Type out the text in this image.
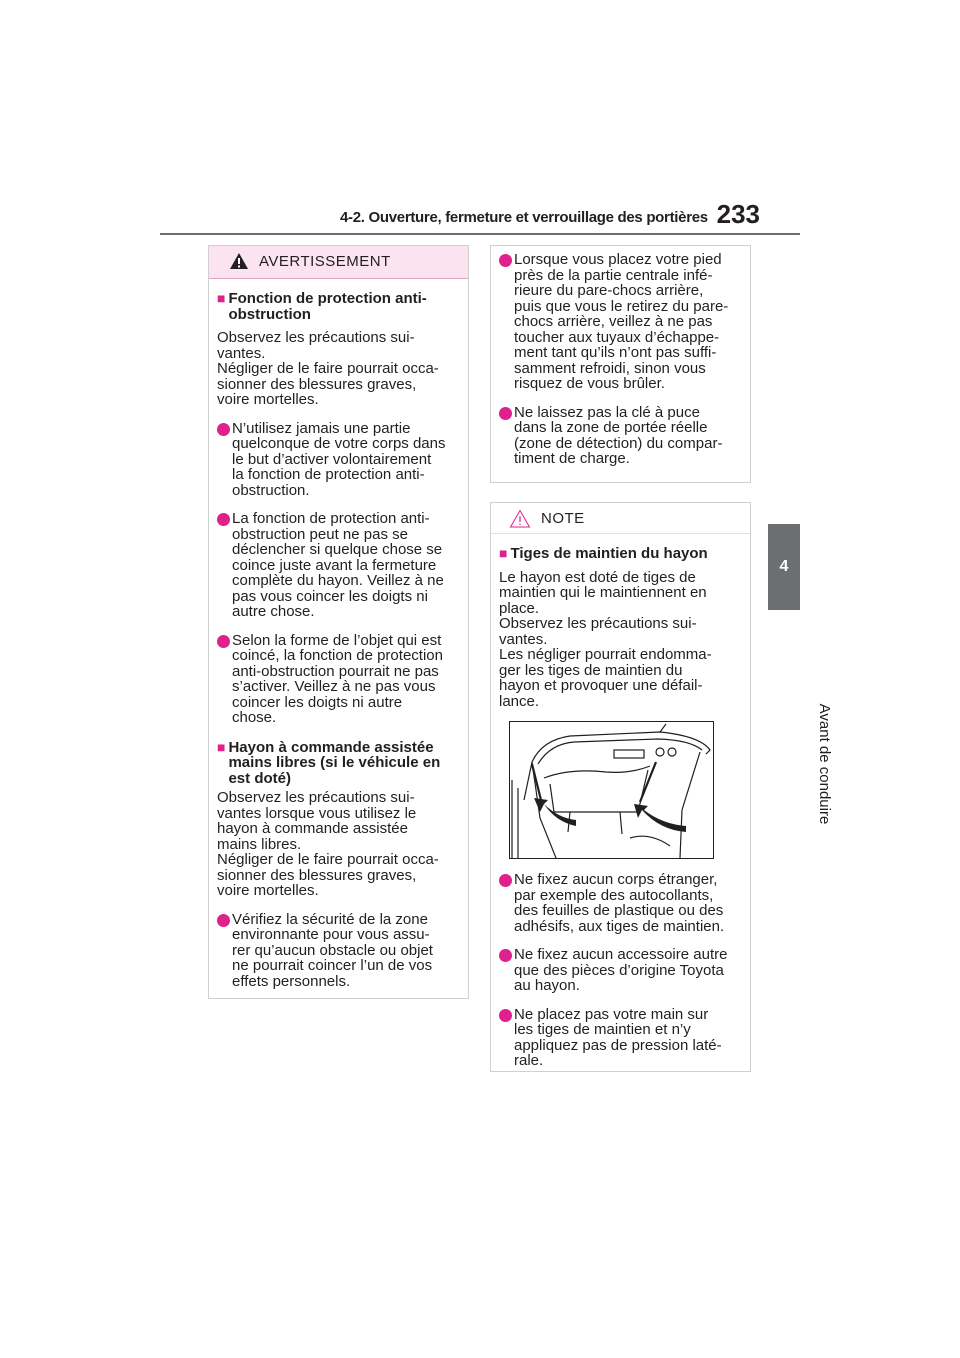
4-2. Ouverture, fermeture et verrouillage des portières 233
4
Avant de conduire
AVERTISSEMENT
■ Fonction de protection anti-
obstruction
Observez les précautions sui-
vantes.
Négliger de le faire pourrait occa-
sionner des blessures graves,
voire mortelles.
N’utilisez jamais une partie
quelconque de votre corps dans
le but d’activer volontairement
la fonction de protection anti-
obstruction.
La fonction de protection anti-
obstruction peut ne pas se
déclencher si quelque chose se
coince juste avant la fermeture
complète du hayon. Veillez à ne
pas vous coincer les doigts ni
autre chose.
Selon la forme de l’objet qui est
coincé, la fonction de protection
anti-obstruction pourrait ne pas
s’activer. Veillez à ne pas vous
coincer les doigts ni autre
chose.
■ Hayon à commande assistée
mains libres (si le véhicule en
est doté)
Observez les précautions sui-
vantes lorsque vous utilisez le
hayon à commande assistée
mains libres.
Négliger de le faire pourrait occa-
sionner des blessures graves,
voire mortelles.
Vérifiez la sécurité de la zone
environnante pour vous assu-
rer qu’aucun obstacle ou objet
ne pourrait coincer l’un de vos
effets personnels.
Lorsque vous placez votre pied
près de la partie centrale infé-
rieure du pare-chocs arrière,
puis que vous le retirez du pare-
chocs arrière, veillez à ne pas
toucher aux tuyaux d’échappe-
ment tant qu’ils n’ont pas suffi-
samment refroidi, sinon vous
risquez de vous brûler.
Ne laissez pas la clé à puce
dans la zone de portée réelle
(zone de détection) du compar-
timent de charge.
NOTE
■ Tiges de maintien du hayon
Le hayon est doté de tiges de
maintien qui le maintiennent en
place.
Observez les précautions sui-
vantes.
Les négliger pourrait endomma-
ger les tiges de maintien du
hayon et provoquer une défail-
lance.
Ne fixez aucun corps étranger,
par exemple des autocollants,
des feuilles de plastique ou des
adhésifs, aux tiges de maintien.
Ne fixez aucun accessoire autre
que des pièces d’origine Toyota
au hayon.
Ne placez pas votre main sur
les tiges de maintien et n’y
appliquez pas de pression laté-
rale.
